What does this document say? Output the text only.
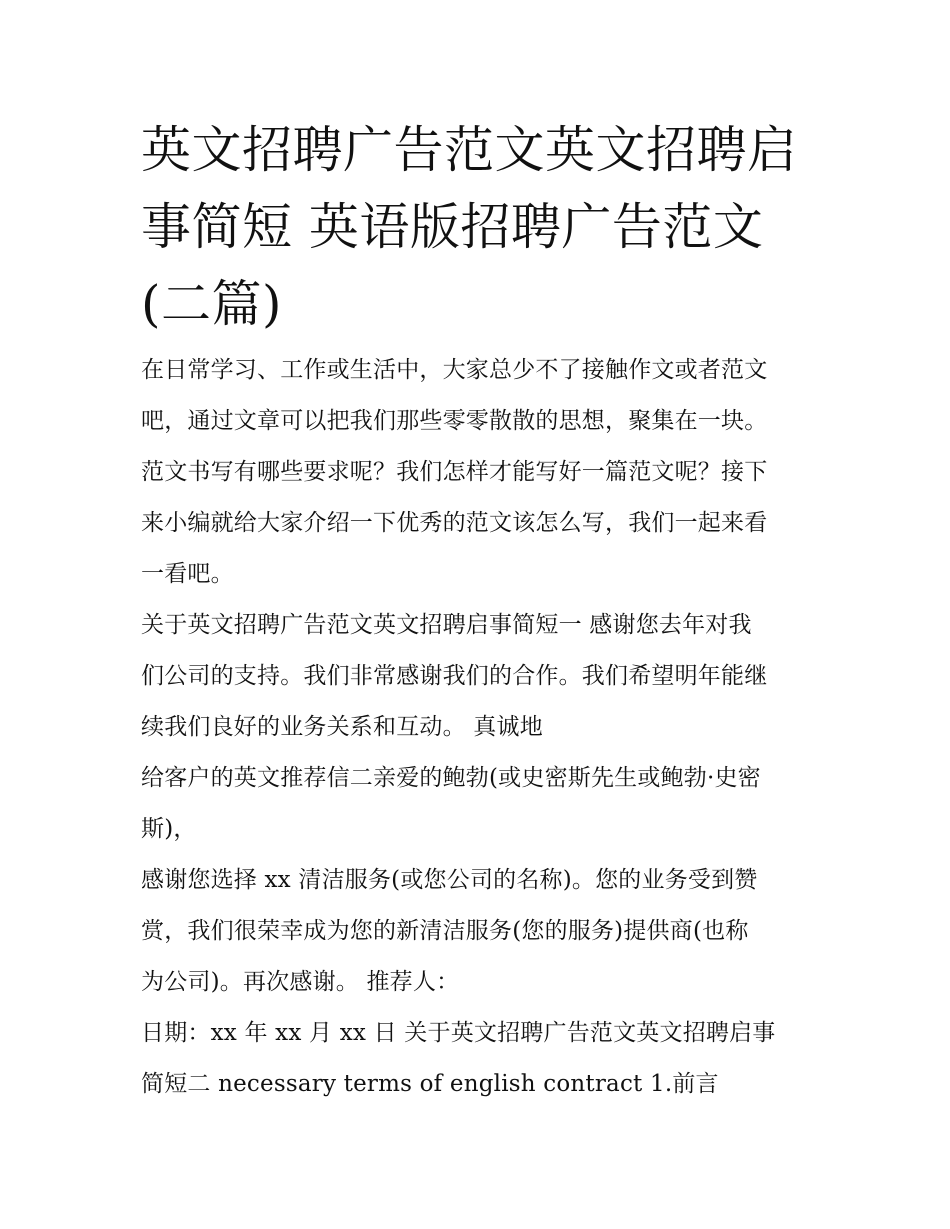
英文招聘广告范文英文招聘启
事简短 英语版招聘广告范文
(二篇)

在日常学习、工作或生活中，大家总少不了接触作文或者范文
吧，通过文章可以把我们那些零零散散的思想，聚集在一块。
范文书写有哪些要求呢？我们怎样才能写好一篇范文呢？接下
来小编就给大家介绍一下优秀的范文该怎么写，我们一起来看
一看吧。

关于英文招聘广告范文英文招聘启事简短一 感谢您去年对我
们公司的支持。我们非常感谢我们的合作。我们希望明年能继
续我们良好的业务关系和互动。 真诚地

给客户的英文推荐信二亲爱的鲍勃(或史密斯先生或鲍勃·史密
斯)，

感谢您选择 xx 清洁服务(或您公司的名称)。您的业务受到赞
赏，我们很荣幸成为您的新清洁服务(您的服务)提供商(也称
为公司)。再次感谢。 推荐人：

日期：xx 年 xx 月 xx 日 关于英文招聘广告范文英文招聘启事
简短二 necessary terms of english contract 1.前言
